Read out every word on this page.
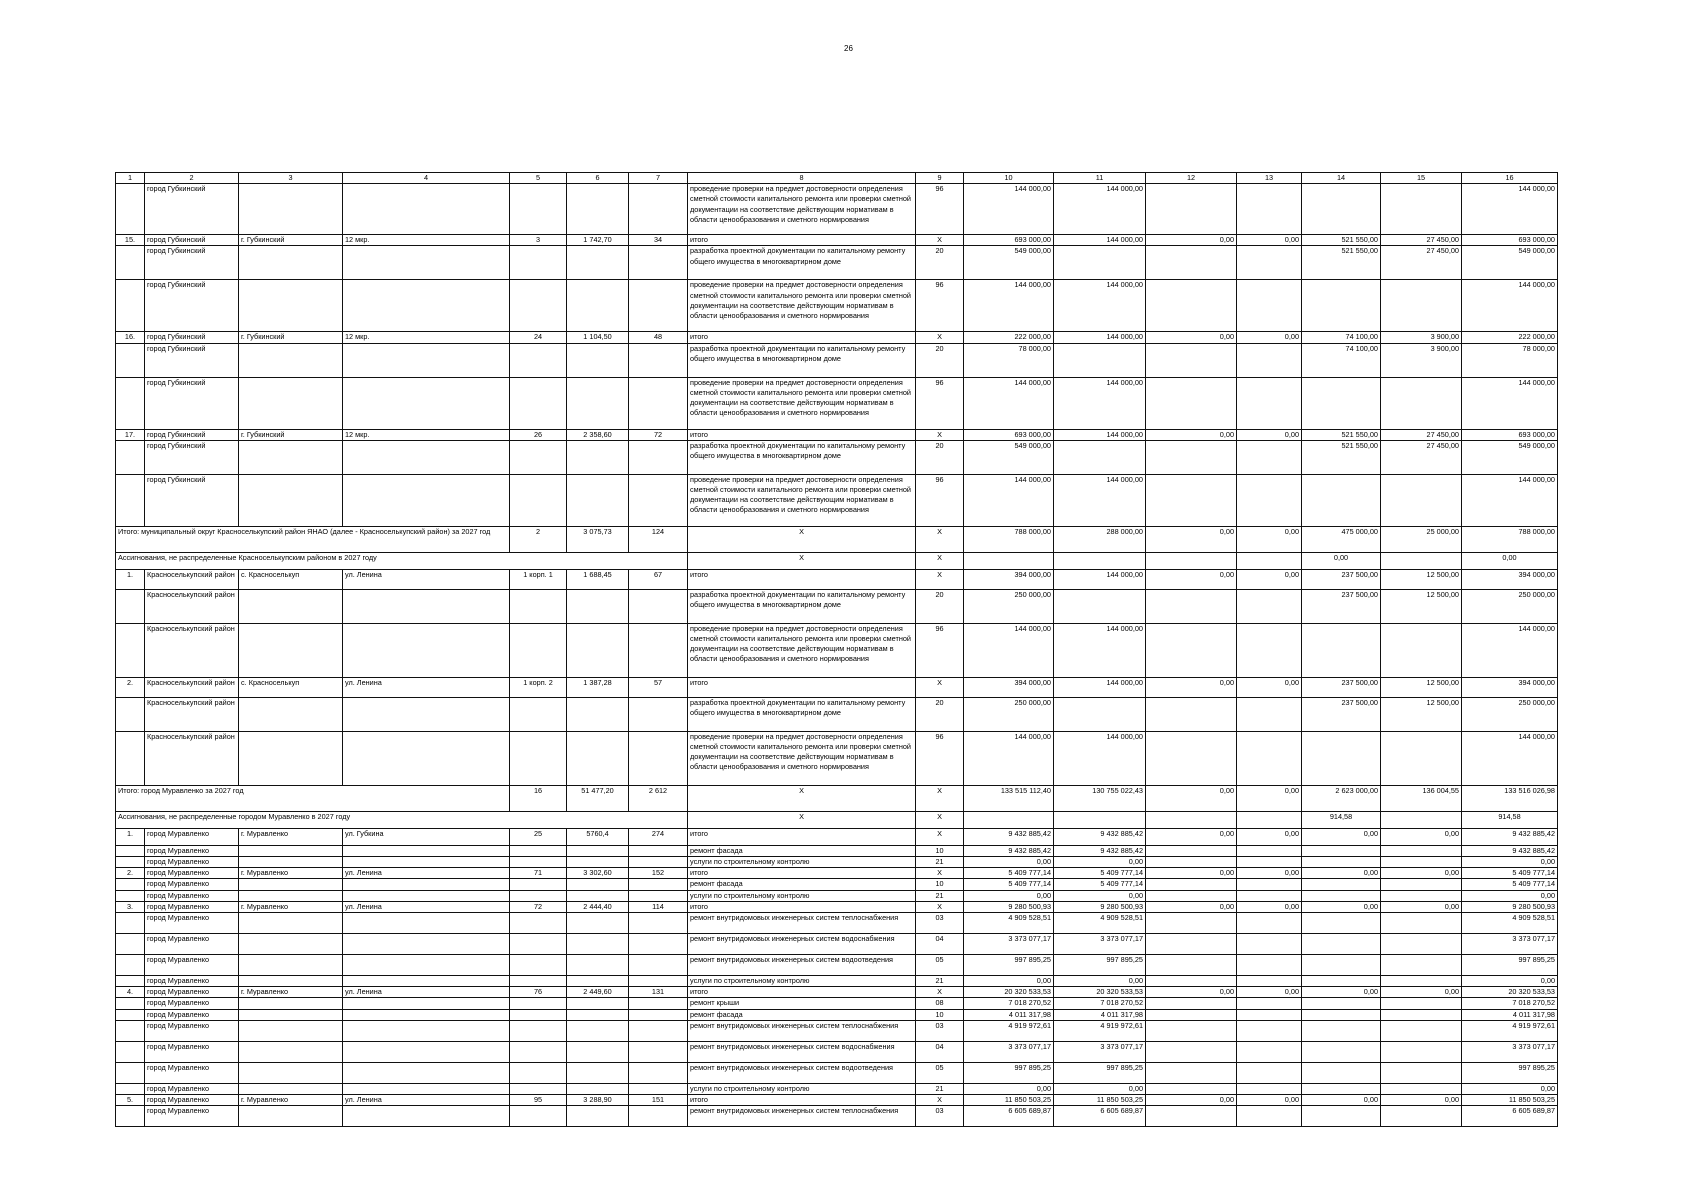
26
1	2	3	4	5	6	7	8	9	10	11	12	13	14	15	16
	город Губкинский						проведение проверки на предмет достоверности определения сметной стоимости капитального ремонта или проверки сметной документации на соответствие действующим нормативам в области ценообразования и сметного нормирования	96	144 000,00	144 000,00					144 000,00
15.	город Губкинский	г. Губкинский	12 мкр.	3	1 742,70	34	итого	X	693 000,00	144 000,00	0,00	0,00	521 550,00	27 450,00	693 000,00
	город Губкинский						разработка проектной документации по капитальному ремонту общего имущества в многоквартирном доме	20	549 000,00				521 550,00	27 450,00	549 000,00
	город Губкинский						проведение проверки на предмет достоверности определения сметной стоимости капитального ремонта или проверки сметной документации на соответствие действующим нормативам в области ценообразования и сметного нормирования	96	144 000,00	144 000,00					144 000,00
16.	город Губкинский	г. Губкинский	12 мкр.	24	1 104,50	48	итого	X	222 000,00	144 000,00	0,00	0,00	74 100,00	3 900,00	222 000,00
	город Губкинский						разработка проектной документации по капитальному ремонту общего имущества в многоквартирном доме	20	78 000,00				74 100,00	3 900,00	78 000,00
	город Губкинский						проведение проверки на предмет достоверности определения сметной стоимости капитального ремонта или проверки сметной документации на соответствие действующим нормативам в области ценообразования и сметного нормирования	96	144 000,00	144 000,00					144 000,00
17.	город Губкинский	г. Губкинский	12 мкр.	26	2 358,60	72	итого	X	693 000,00	144 000,00	0,00	0,00	521 550,00	27 450,00	693 000,00
	город Губкинский						разработка проектной документации по капитальному ремонту общего имущества в многоквартирном доме	20	549 000,00				521 550,00	27 450,00	549 000,00
	город Губкинский						проведение проверки на предмет достоверности определения сметной стоимости капитального ремонта или проверки сметной документации на соответствие действующим нормативам в области ценообразования и сметного нормирования	96	144 000,00	144 000,00					144 000,00
Итого: муниципальный округ Красноселькупский район ЯНАО (далее - Красноселькупский район) за 2027 год				2	3 075,73	124	X	X	788 000,00	288 000,00	0,00	0,00	475 000,00	25 000,00	788 000,00
Ассигнования, не распределенные Красноселькупским районом в 2027 году							X	X					0,00		0,00
1.	Красноселькупский район	с. Красноселькуп	ул. Ленина	1 корп. 1	1 688,45	67	итого	X	394 000,00	144 000,00	0,00	0,00	237 500,00	12 500,00	394 000,00
	Красноселькупский район						разработка проектной документации по капитальному ремонту общего имущества в многоквартирном доме	20	250 000,00				237 500,00	12 500,00	250 000,00
	Красноселькупский район						проведение проверки на предмет достоверности определения сметной стоимости капитального ремонта или проверки сметной документации на соответствие действующим нормативам в области ценообразования и сметного нормирования	96	144 000,00	144 000,00					144 000,00
2.	Красноселькупский район	с. Красноселькуп	ул. Ленина	1 корп. 2	1 387,28	57	итого	X	394 000,00	144 000,00	0,00	0,00	237 500,00	12 500,00	394 000,00
	Красноселькупский район						разработка проектной документации по капитальному ремонту общего имущества в многоквартирном доме	20	250 000,00				237 500,00	12 500,00	250 000,00
	Красноселькупский район						проведение проверки на предмет достоверности определения сметной стоимости капитального ремонта или проверки сметной документации на соответствие действующим нормативам в области ценообразования и сметного нормирования	96	144 000,00	144 000,00					144 000,00
Итого: город Муравленко за 2027 год				16	51 477,20	2 612	X	X	133 515 112,40	130 755 022,43	0,00	0,00	2 623 000,00	136 004,55	133 516 026,98
Ассигнования, не распределенные городом Муравленко в 2027 году							X	X					914,58		914,58
1.	город Муравленко	г. Муравленко	ул. Губкина	25	5760,4	274	итого	X	9 432 885,42	9 432 885,42	0,00	0,00	0,00	0,00	9 432 885,42
	город Муравленко						ремонт фасада	10	9 432 885,42	9 432 885,42					9 432 885,42
	город Муравленко						услуги по строительному контролю	21	0,00	0,00					0,00
2.	город Муравленко	г. Муравленко	ул. Ленина	71	3 302,60	152	итого	X	5 409 777,14	5 409 777,14	0,00	0,00	0,00	0,00	5 409 777,14
	город Муравленко						ремонт фасада	10	5 409 777,14	5 409 777,14					5 409 777,14
	город Муравленко						услуги по строительному контролю	21	0,00	0,00					0,00
3.	город Муравленко	г. Муравленко	ул. Ленина	72	2 444,40	114	итого	X	9 280 500,93	9 280 500,93	0,00	0,00	0,00	0,00	9 280 500,93
	город Муравленко						ремонт внутридомовых инженерных систем теплоснабжения	03	4 909 528,51	4 909 528,51					4 909 528,51
	город Муравленко						ремонт внутридомовых инженерных систем водоснабжения	04	3 373 077,17	3 373 077,17					3 373 077,17
	город Муравленко						ремонт внутридомовых инженерных систем водоотведения	05	997 895,25	997 895,25					997 895,25
	город Муравленко						услуги по строительному контролю	21	0,00	0,00					0,00
4.	город Муравленко	г. Муравленко	ул. Ленина	76	2 449,60	131	итого	X	20 320 533,53	20 320 533,53	0,00	0,00	0,00	0,00	20 320 533,53
	город Муравленко						ремонт крыши	08	7 018 270,52	7 018 270,52					7 018 270,52
	город Муравленко						ремонт фасада	10	4 011 317,98	4 011 317,98					4 011 317,98
	город Муравленко						ремонт внутридомовых инженерных систем теплоснабжения	03	4 919 972,61	4 919 972,61					4 919 972,61
	город Муравленко						ремонт внутридомовых инженерных систем водоснабжения	04	3 373 077,17	3 373 077,17					3 373 077,17
	город Муравленко						ремонт внутридомовых инженерных систем водоотведения	05	997 895,25	997 895,25					997 895,25
	город Муравленко						услуги по строительному контролю	21	0,00	0,00					0,00
5.	город Муравленко	г. Муравленко	ул. Ленина	95	3 288,90	151	итого	X	11 850 503,25	11 850 503,25	0,00	0,00	0,00	0,00	11 850 503,25
	город Муравленко						ремонт внутридомовых инженерных систем теплоснабжения	03	6 605 689,87	6 605 689,87					6 605 689,87
